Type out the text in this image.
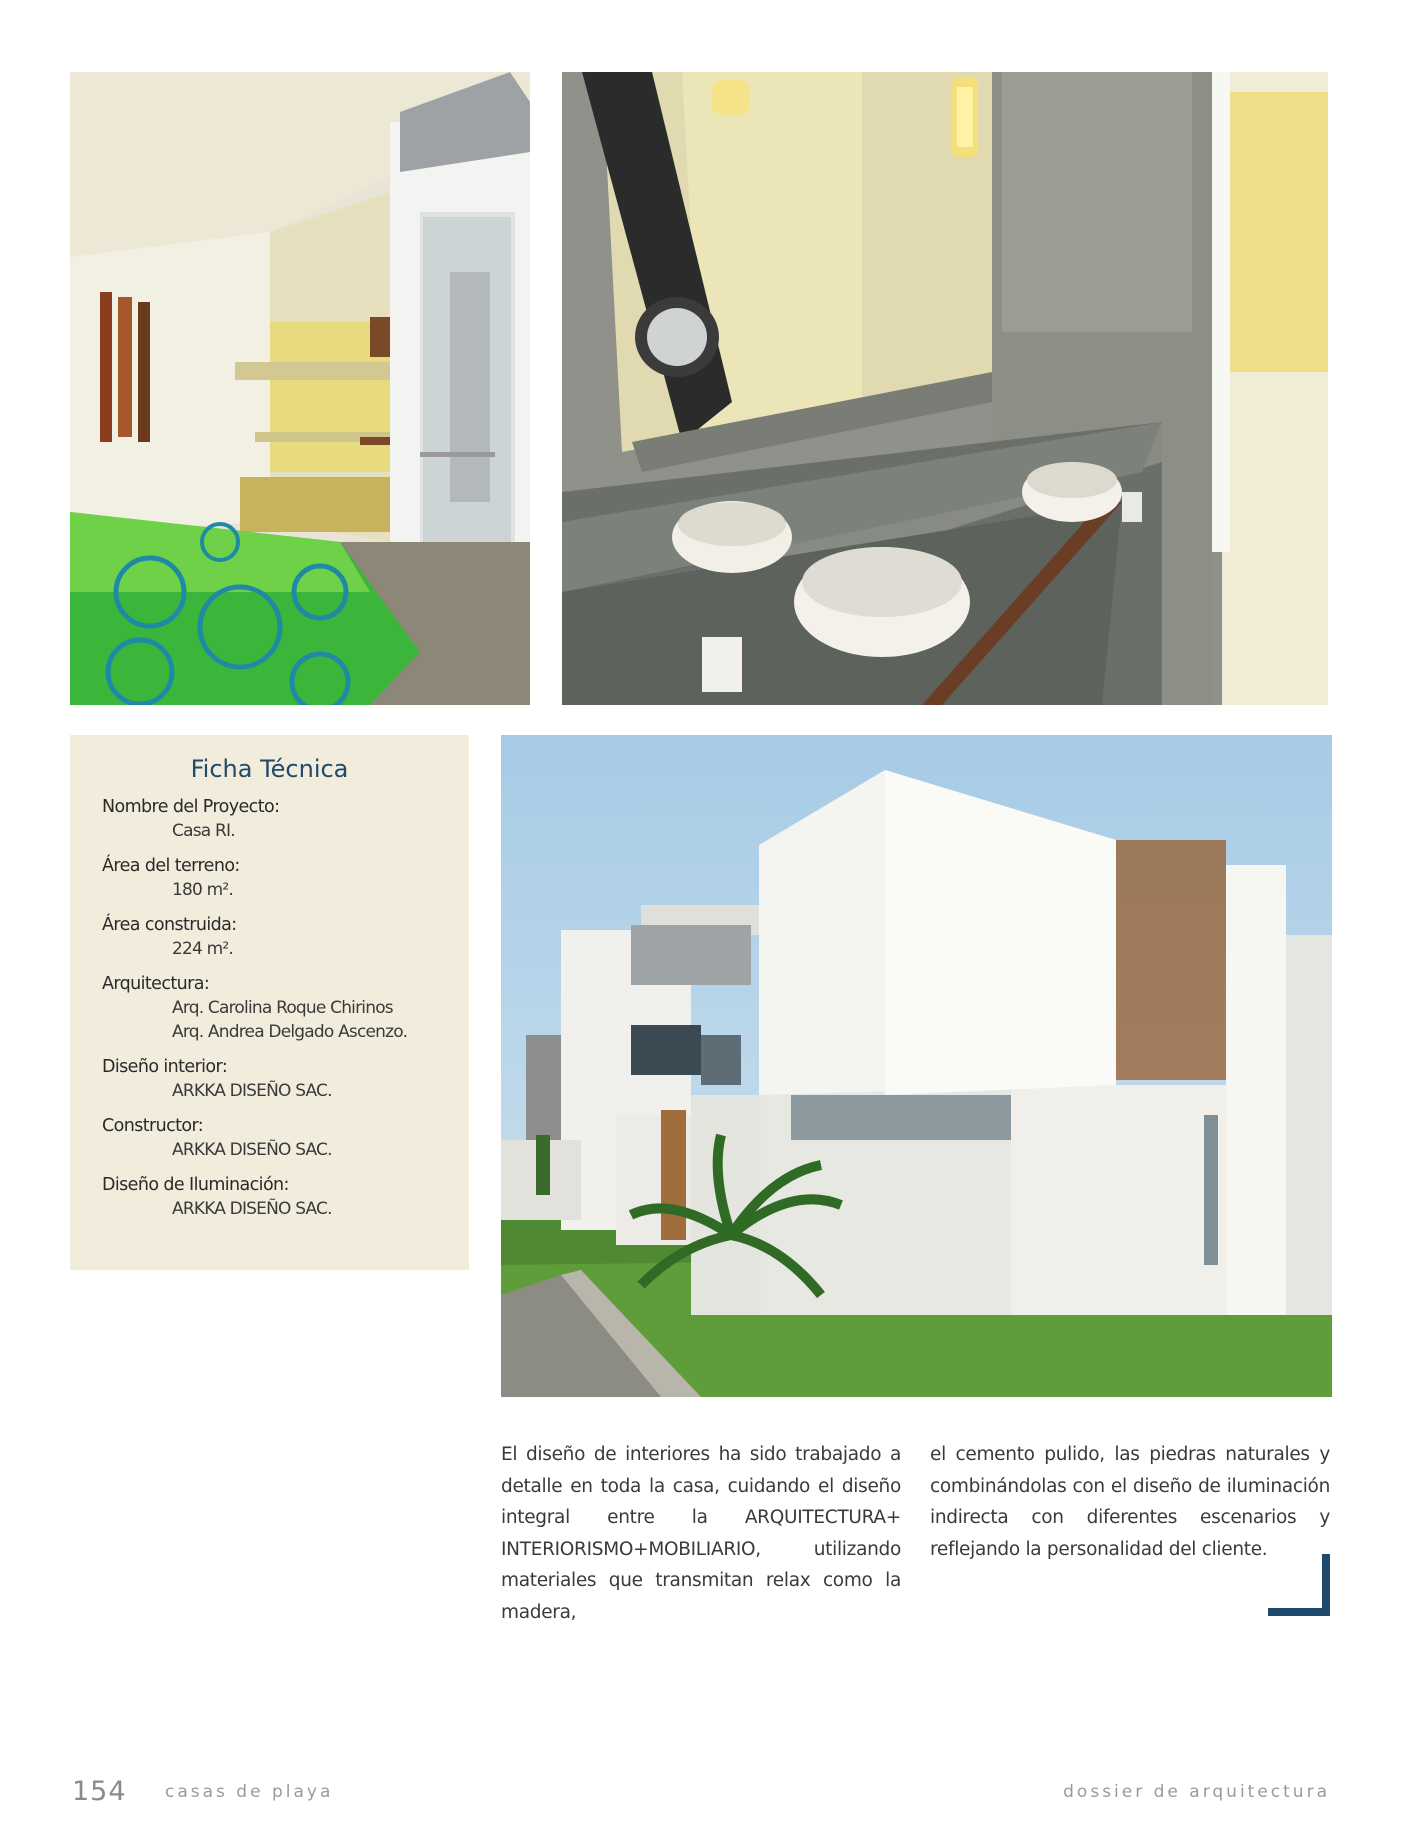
Ficha Técnica
Nombre del Proyecto:
Casa RI.
Área del terreno:
180 m².
Área construida:
224 m².
Arquitectura:
Arq. Carolina Roque Chirinos
Arq. Andrea Delgado Ascenzo.
Diseño interior:
ARKKA DISEÑO SAC.
Constructor:
ARKKA DISEÑO SAC.
Diseño de Iluminación:
ARKKA DISEÑO SAC.
El diseño de interiores ha sido trabajado a detalle en toda la casa, cuidando el diseño integral entre la ARQUITECTURA+ INTERIORISMO+MOBILIARIO, utilizando materiales que transmitan relax como la madera,
el cemento pulido, las piedras naturales y combinándolas con el diseño de iluminación indirecta con diferentes escenarios y reflejando la personalidad del cliente.
154 casas de playa	dossier de arquitectura
